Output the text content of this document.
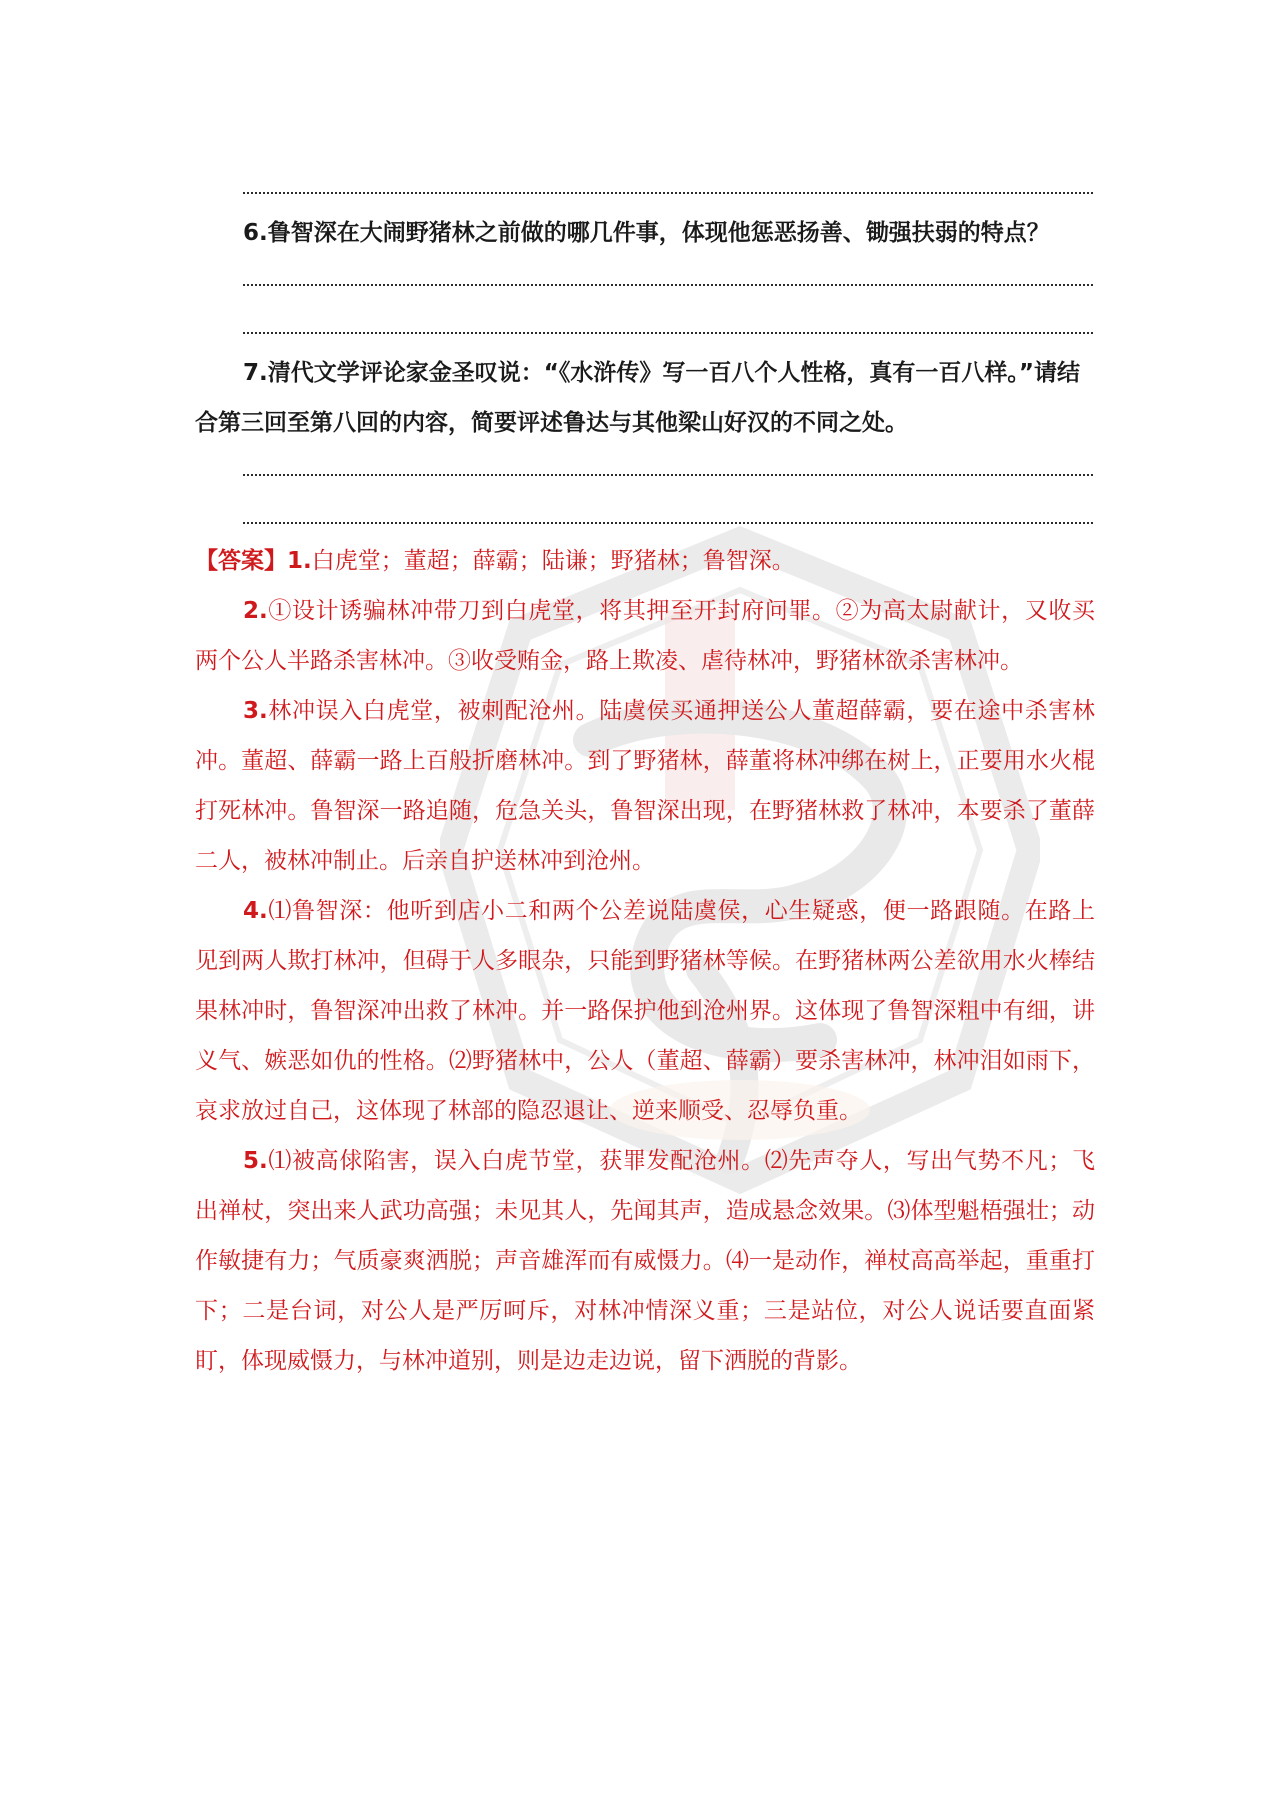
6.鲁智深在大闹野猪林之前做的哪几件事，体现他惩恶扬善、锄强扶弱的特点？

7.清代文学评论家金圣叹说：“《水浒传》写一百八个人性格，真有一百八样。”请结合第三回至第八回的内容，简要评述鲁达与其他梁山好汉的不同之处。

【答案】1.白虎堂；董超；薛霸；陆谦；野猪林；鲁智深。

2.①设计诱骗林冲带刀到白虎堂，将其押至开封府问罪。②为高太尉献计，又收买两个公人半路杀害林冲。③收受贿金，路上欺凌、虐待林冲，野猪林欲杀害林冲。

3.林冲误入白虎堂，被刺配沧州。陆虞侯买通押送公人董超薛霸，要在途中杀害林冲。董超、薛霸一路上百般折磨林冲。到了野猪林，薛董将林冲绑在树上，正要用水火棍打死林冲。鲁智深一路追随，危急关头，鲁智深出现，在野猪林救了林冲，本要杀了董薛二人，被林冲制止。后亲自护送林冲到沧州。

4.⑴鲁智深：他听到店小二和两个公差说陆虞侯，心生疑惑，便一路跟随。在路上见到两人欺打林冲，但碍于人多眼杂，只能到野猪林等候。在野猪林两公差欲用水火棒结果林冲时，鲁智深冲出救了林冲。并一路保护他到沧州界。这体现了鲁智深粗中有细，讲义气、嫉恶如仇的性格。⑵野猪林中，公人（董超、薛霸）要杀害林冲，林冲泪如雨下，哀求放过自己，这体现了林部的隐忍退让、逆来顺受、忍辱负重。

5.⑴被高俅陷害，误入白虎节堂，获罪发配沧州。⑵先声夺人，写出气势不凡；飞出禅杖，突出来人武功高强；未见其人，先闻其声，造成悬念效果。⑶体型魁梧强壮；动作敏捷有力；气质豪爽洒脱；声音雄浑而有威慑力。⑷一是动作，禅杖高高举起，重重打下；二是台词，对公人是严厉呵斥，对林冲情深义重；三是站位，对公人说话要直面紧盯，体现威慑力，与林冲道别，则是边走边说，留下洒脱的背影。
